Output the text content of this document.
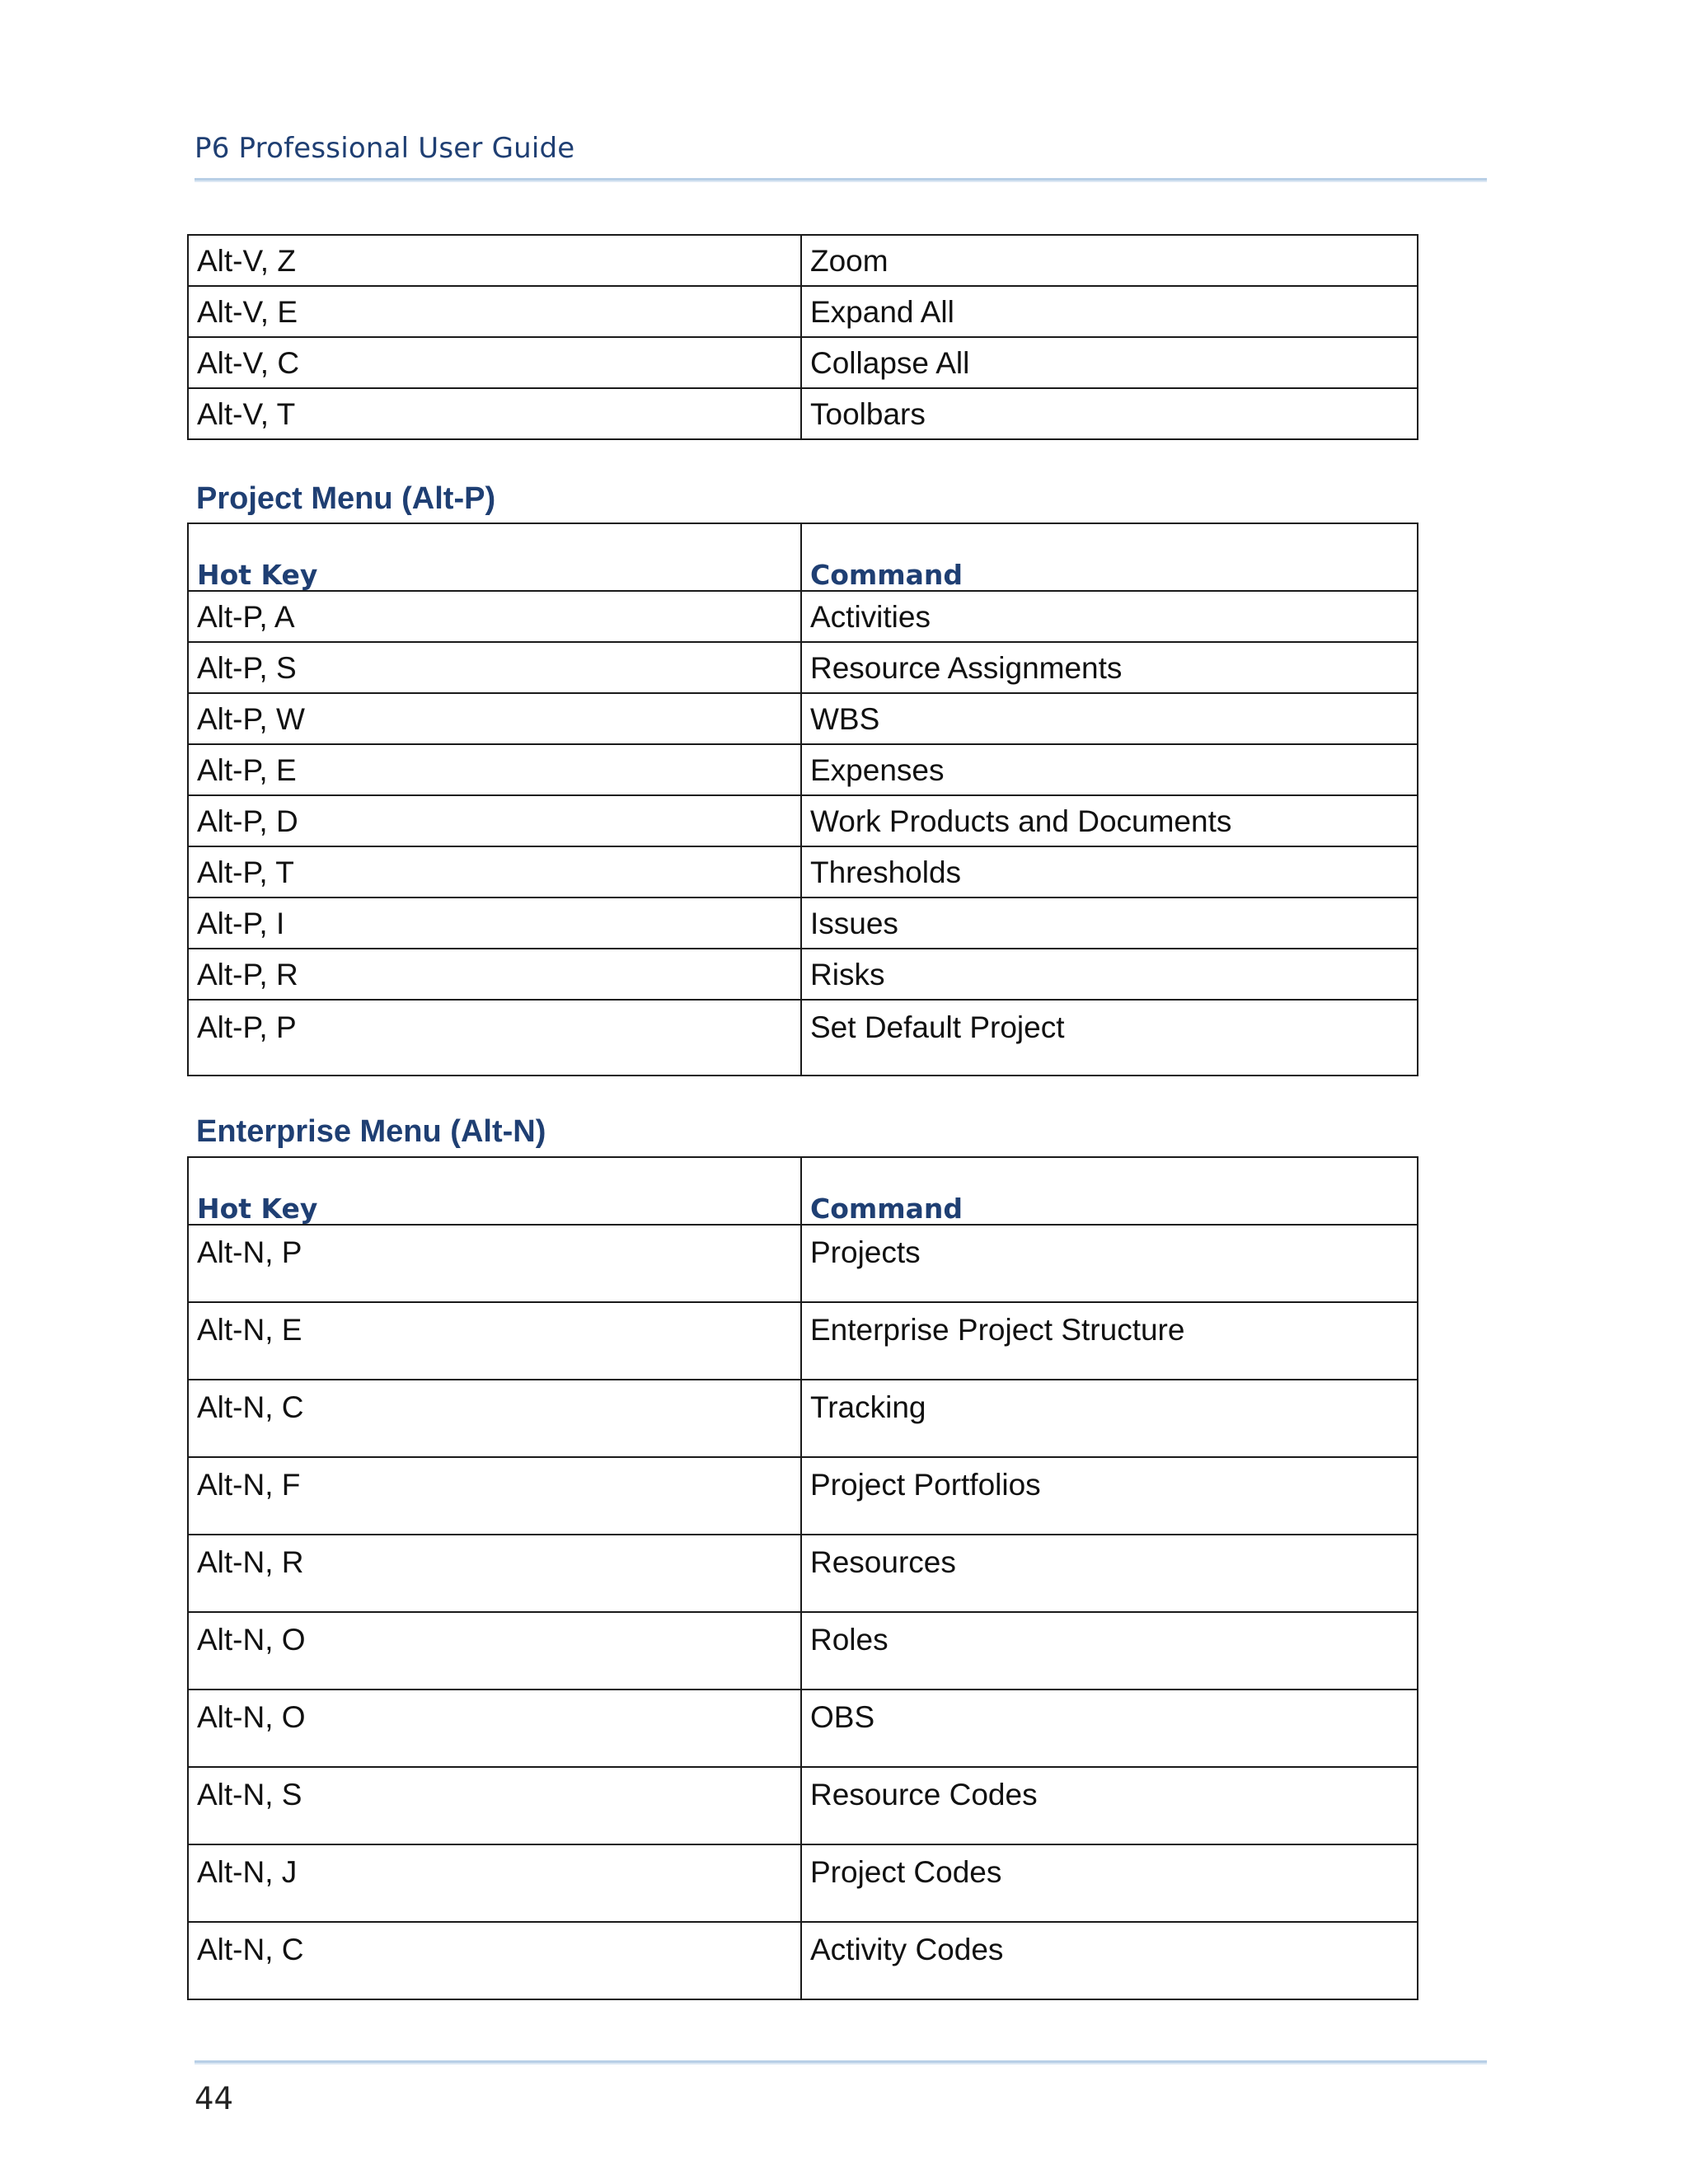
P6 Professional User Guide
Alt-V, Z	Zoom
Alt-V, E	Expand All
Alt-V, C	Collapse All
Alt-V, T	Toolbars
Project Menu (Alt-P)
Hot Key	Command
Alt-P, A	Activities
Alt-P, S	Resource Assignments
Alt-P, W	WBS
Alt-P, E	Expenses
Alt-P, D	Work Products and Documents
Alt-P, T	Thresholds
Alt-P, I	Issues
Alt-P, R	Risks
Alt-P, P	Set Default Project
Enterprise Menu (Alt-N)
Hot Key	Command
Alt-N, P	Projects
Alt-N, E	Enterprise Project Structure
Alt-N, C	Tracking
Alt-N, F	Project Portfolios
Alt-N, R	Resources
Alt-N, O	Roles
Alt-N, O	OBS
Alt-N, S	Resource Codes
Alt-N, J	Project Codes
Alt-N, C	Activity Codes
44
